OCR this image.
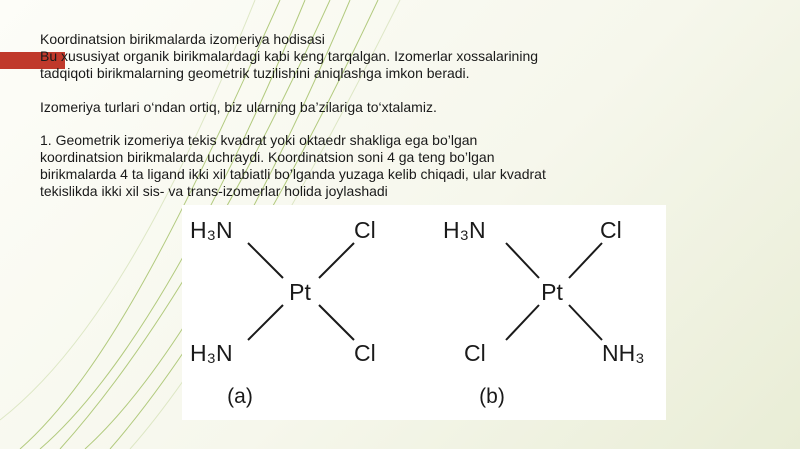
Koordinatsion birikmalarda izomeriya hodisasi

Bu xususiyat organik birikmalardagi kabi keng tarqalgan. Izomerlar xossalarining

tadqiqoti birikmalarning geometrik tuzilishini aniqlashga imkon beradi.

Izomeriya turlari o‘ndan ortiq, biz ularning ba’zilariga to‘xtalamiz.

1. Geometrik izomeriya tekis kvadrat yoki oktaedr shakliga ega bo’lgan

koordinatsion birikmalarda uchraydi. Koordinatsion soni 4 ga teng bo’lgan

birikmalarda 4 ta ligand ikki xil tabiatli bo’lganda yuzaga kelib chiqadi, ular kvadrat

tekislikda ikki xil sis- va trans-izomerlar holida joylashadi

Pt
H₃N	Cl
H₃N	Cl
(a)
Pt
H₃N	Cl
Cl	NH₃
(b)
